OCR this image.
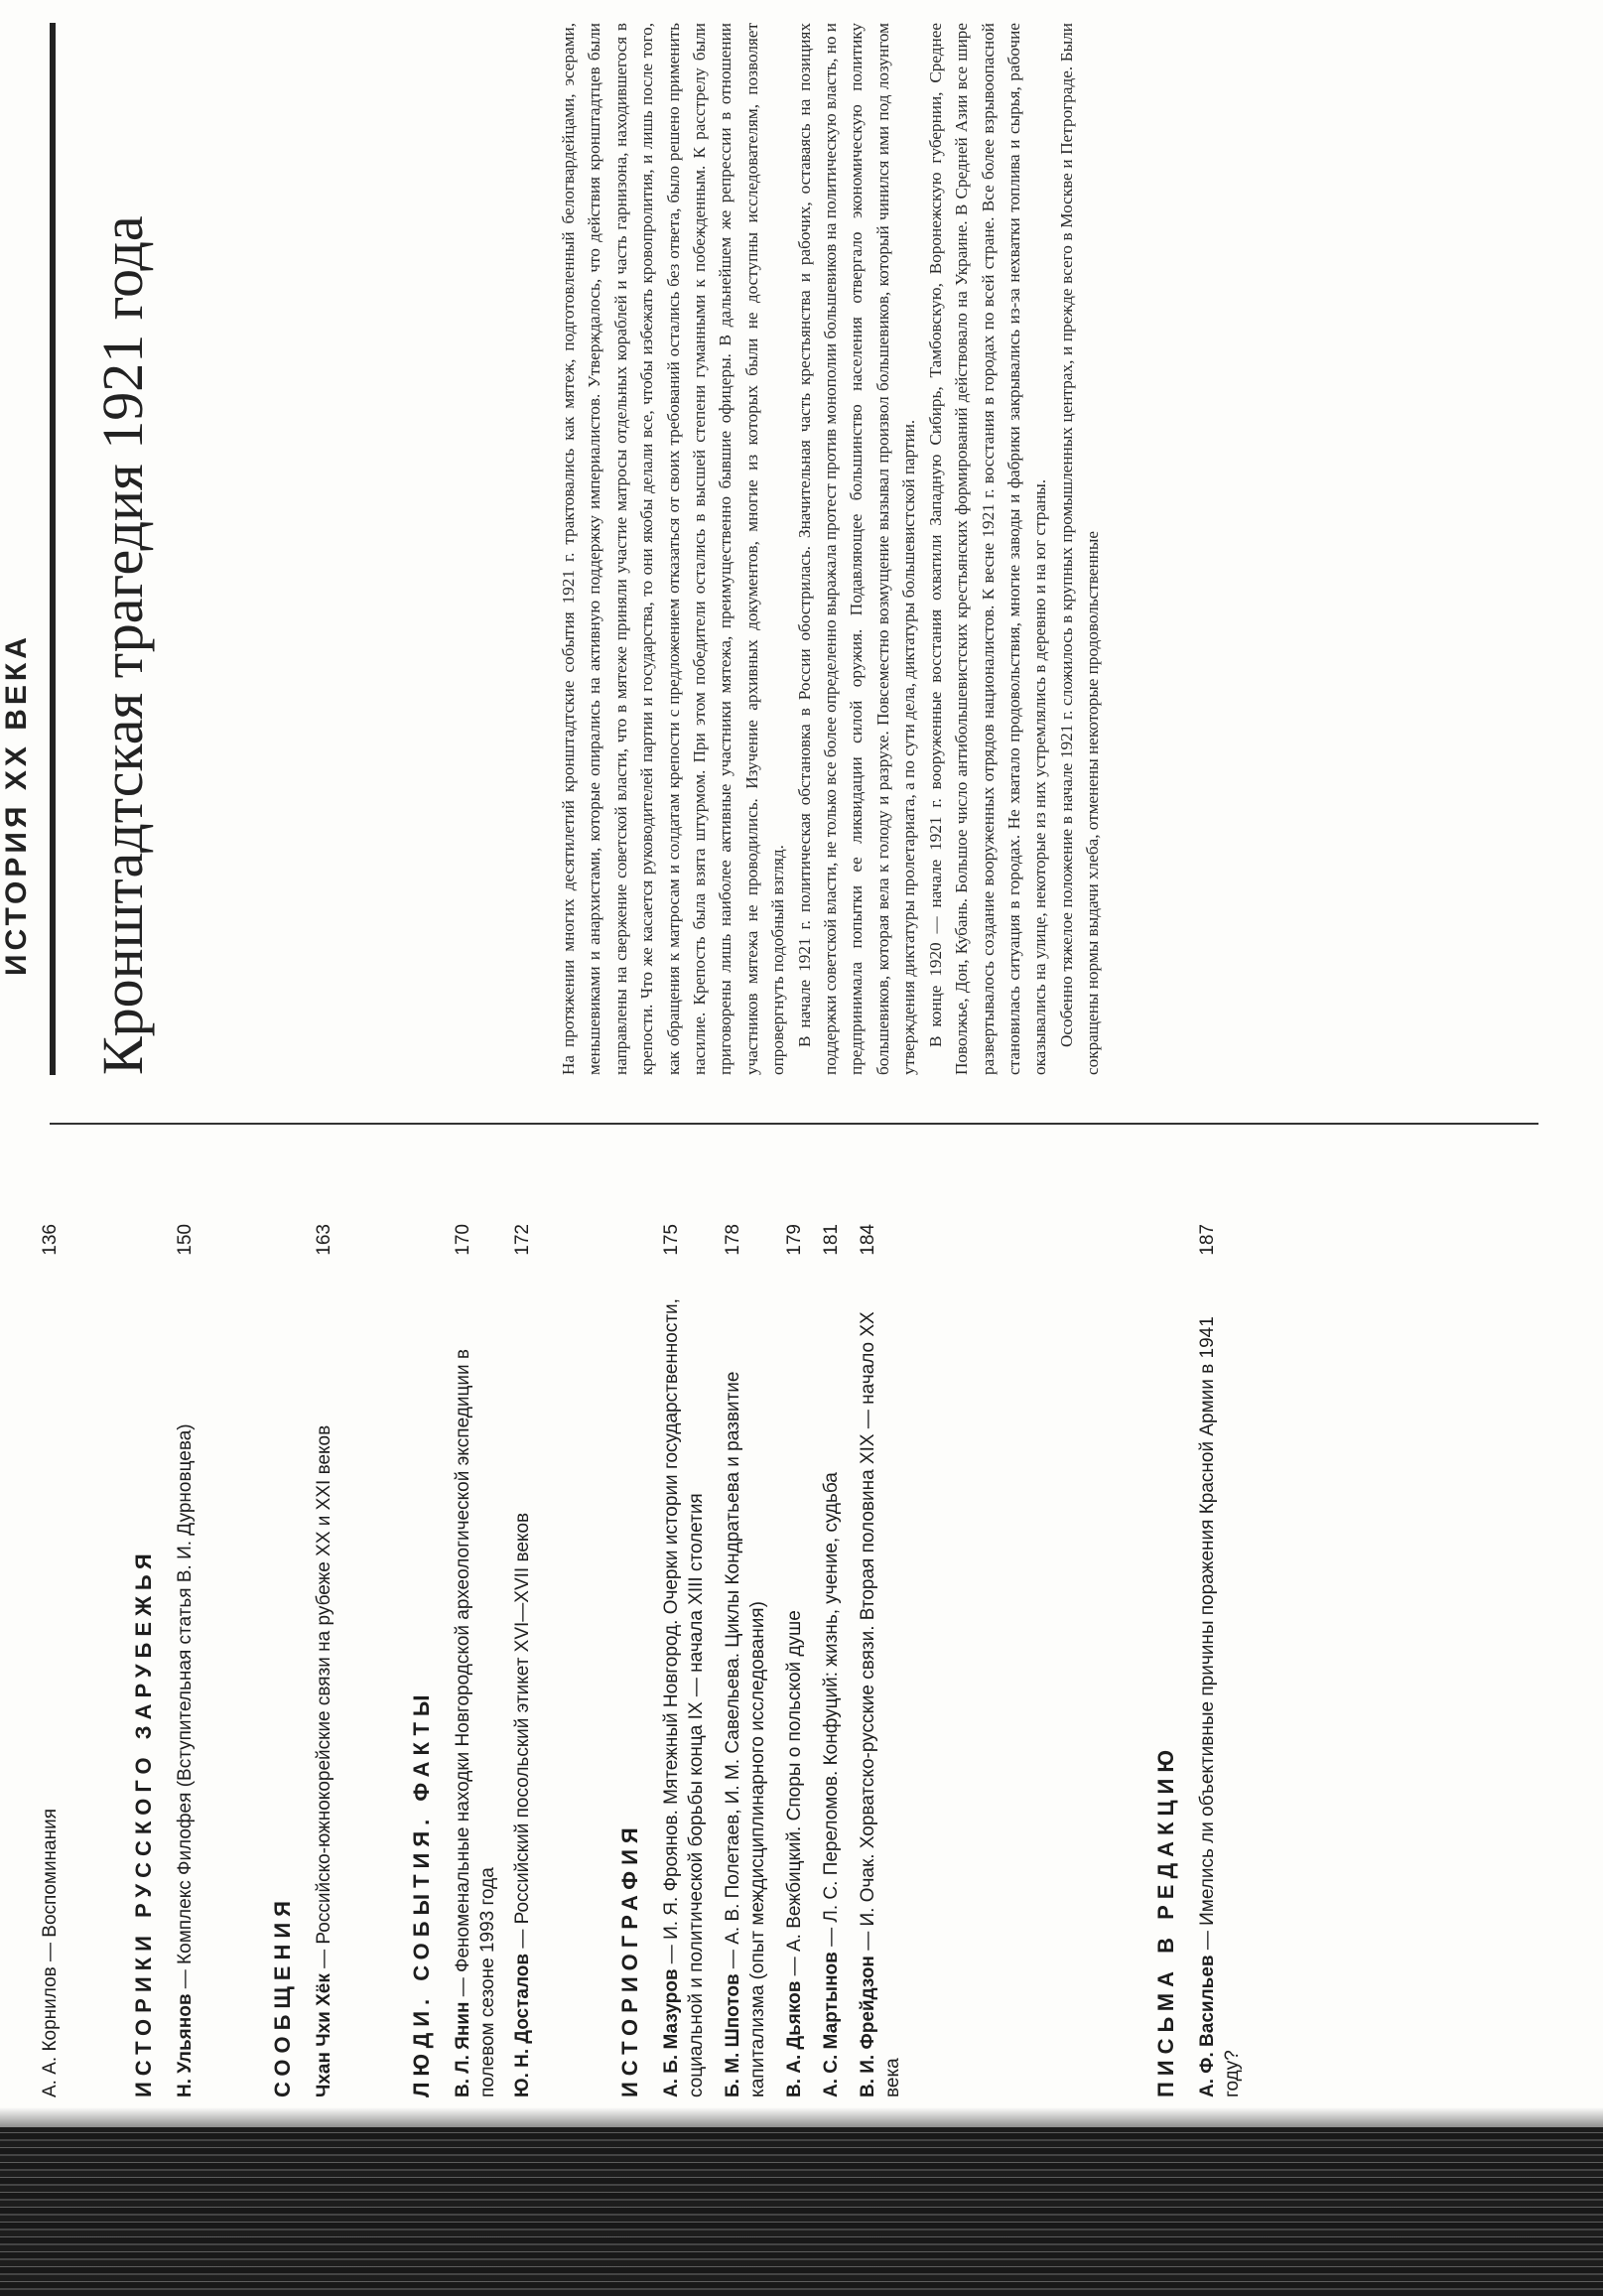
А. А. Корнилов — Воспоминания
136
ИСТОРИКИ РУССКОГО ЗАРУБЕЖЬЯ Н. Ульянов — Комплекс Филофея (Вступительная статья В. И. Дурновцева)
150
СООБЩЕНИЯ Чхан Чхи Хёк — Российско-южнокорейские связи на рубеже XX и XXI веков
163
ЛЮДИ. СОБЫТИЯ. ФАКТЫ В. Л. Янин — Феноменальные находки Новгородской археологической экспедиции в полевом сезоне 1993 года
170
Ю. Н. Досталов — Российский посольский этикет XVI—XVII веков
172
ИСТОРИОГРАФИЯ А. Б. Мазуров — И. Я. Фроянов. Мятежный Новгород. Очерки истории государственности, социальной и политической борьбы конца IX — начала XIII столетия
175
Б. М. Шпотов — А. В. Полетаев, И. М. Савельева. Циклы Кондратьева и развитие капитализма (опыт междисциплинарного исследования)
178
В. А. Дьяков — А. Вежбицкий. Споры о польской душе
179
А. С. Мартынов — Л. С. Переломов. Конфуций: жизнь, учение, судьба
181
В. И. Фрейдзон — И. Очак. Хорватско-русские связи. Вторая половина XIX — начало XX века
184
ПИСЬМА В РЕДАКЦИЮ А. Ф. Васильев — Имелись ли объективные причины поражения Красной Армии в 1941 году?
187
ИСТОРИЯ XX ВЕКА Кронштадтская трагедия 1921 года	На протяжении многих десятилетий кронштадтские события 1921 г. трактовались как мятеж, подготовленный белогвардейцами, эсерами, меньшевиками и анархистами, которые опирались на активную поддержку империалистов. Утверждалось, что действия кронштадтцев были направлены на свержение советской власти, что в мятеже приняли участие матросы отдельных кораблей и часть гарнизона, находившегося в крепости. Что же касается руководителей партии и государства, то они якобы делали все, чтобы избежать кровопролития, и лишь после того, как обращения к матросам и солдатам крепости с предложением отказаться от своих требований остались без ответа, было решено применить насилие. Крепость была взята штурмом. При этом победители остались в высшей степени гуманными к побежденным. К расстрелу были приговорены лишь наиболее активные участники мятежа, преимущественно бывшие офицеры. В дальнейшем же репрессии в отношении участников мятежа не проводились. Изучение архивных документов, многие из которых были не доступны исследователям, позволяет опровергнуть подобный взгляд. В начале 1921 г. политическая обстановка в России обострилась. Значительная часть крестьянства и рабочих, оставаясь на позициях поддержки советской власти, не только все более определенно выражала протест против монополии большевиков на политическую власть, но и предпринимала попытки ее ликвидации силой оружия. Подавляющее большинство населения отвергало экономическую политику большевиков, которая вела к голоду и разрухе. Повсеместно возмущение вызывал произвол большевиков, который чинился ими под лозунгом утверждения диктатуры пролетариата, а по сути дела, диктатуры большевистской партии. В конце 1920 — начале 1921 г. вооруженные восстания охватили Западную Сибирь, Тамбовскую, Воронежскую губернии, Среднее Поволжье, Дон, Кубань. Большое число антибольшевистских крестьянских формирований действовало на Украине. В Средней Азии все шире развертывалось создание вооруженных отрядов националистов. К весне 1921 г. восстания в городах по всей стране. Все более взрывоопасной становилась ситуация в городах. Не хватало продовольствия, многие заводы и фабрики закрывались из-за нехватки топлива и сырья, рабочие оказывались на улице, некоторые из них устремлялись в деревню и на юг страны. Особенно тяжелое положение в начале 1921 г. сложилось в крупных промышленных центрах, и прежде всего в Москве и Петрограде. Были сокращены нормы выдачи хлеба, отменены некоторые продовольственные
